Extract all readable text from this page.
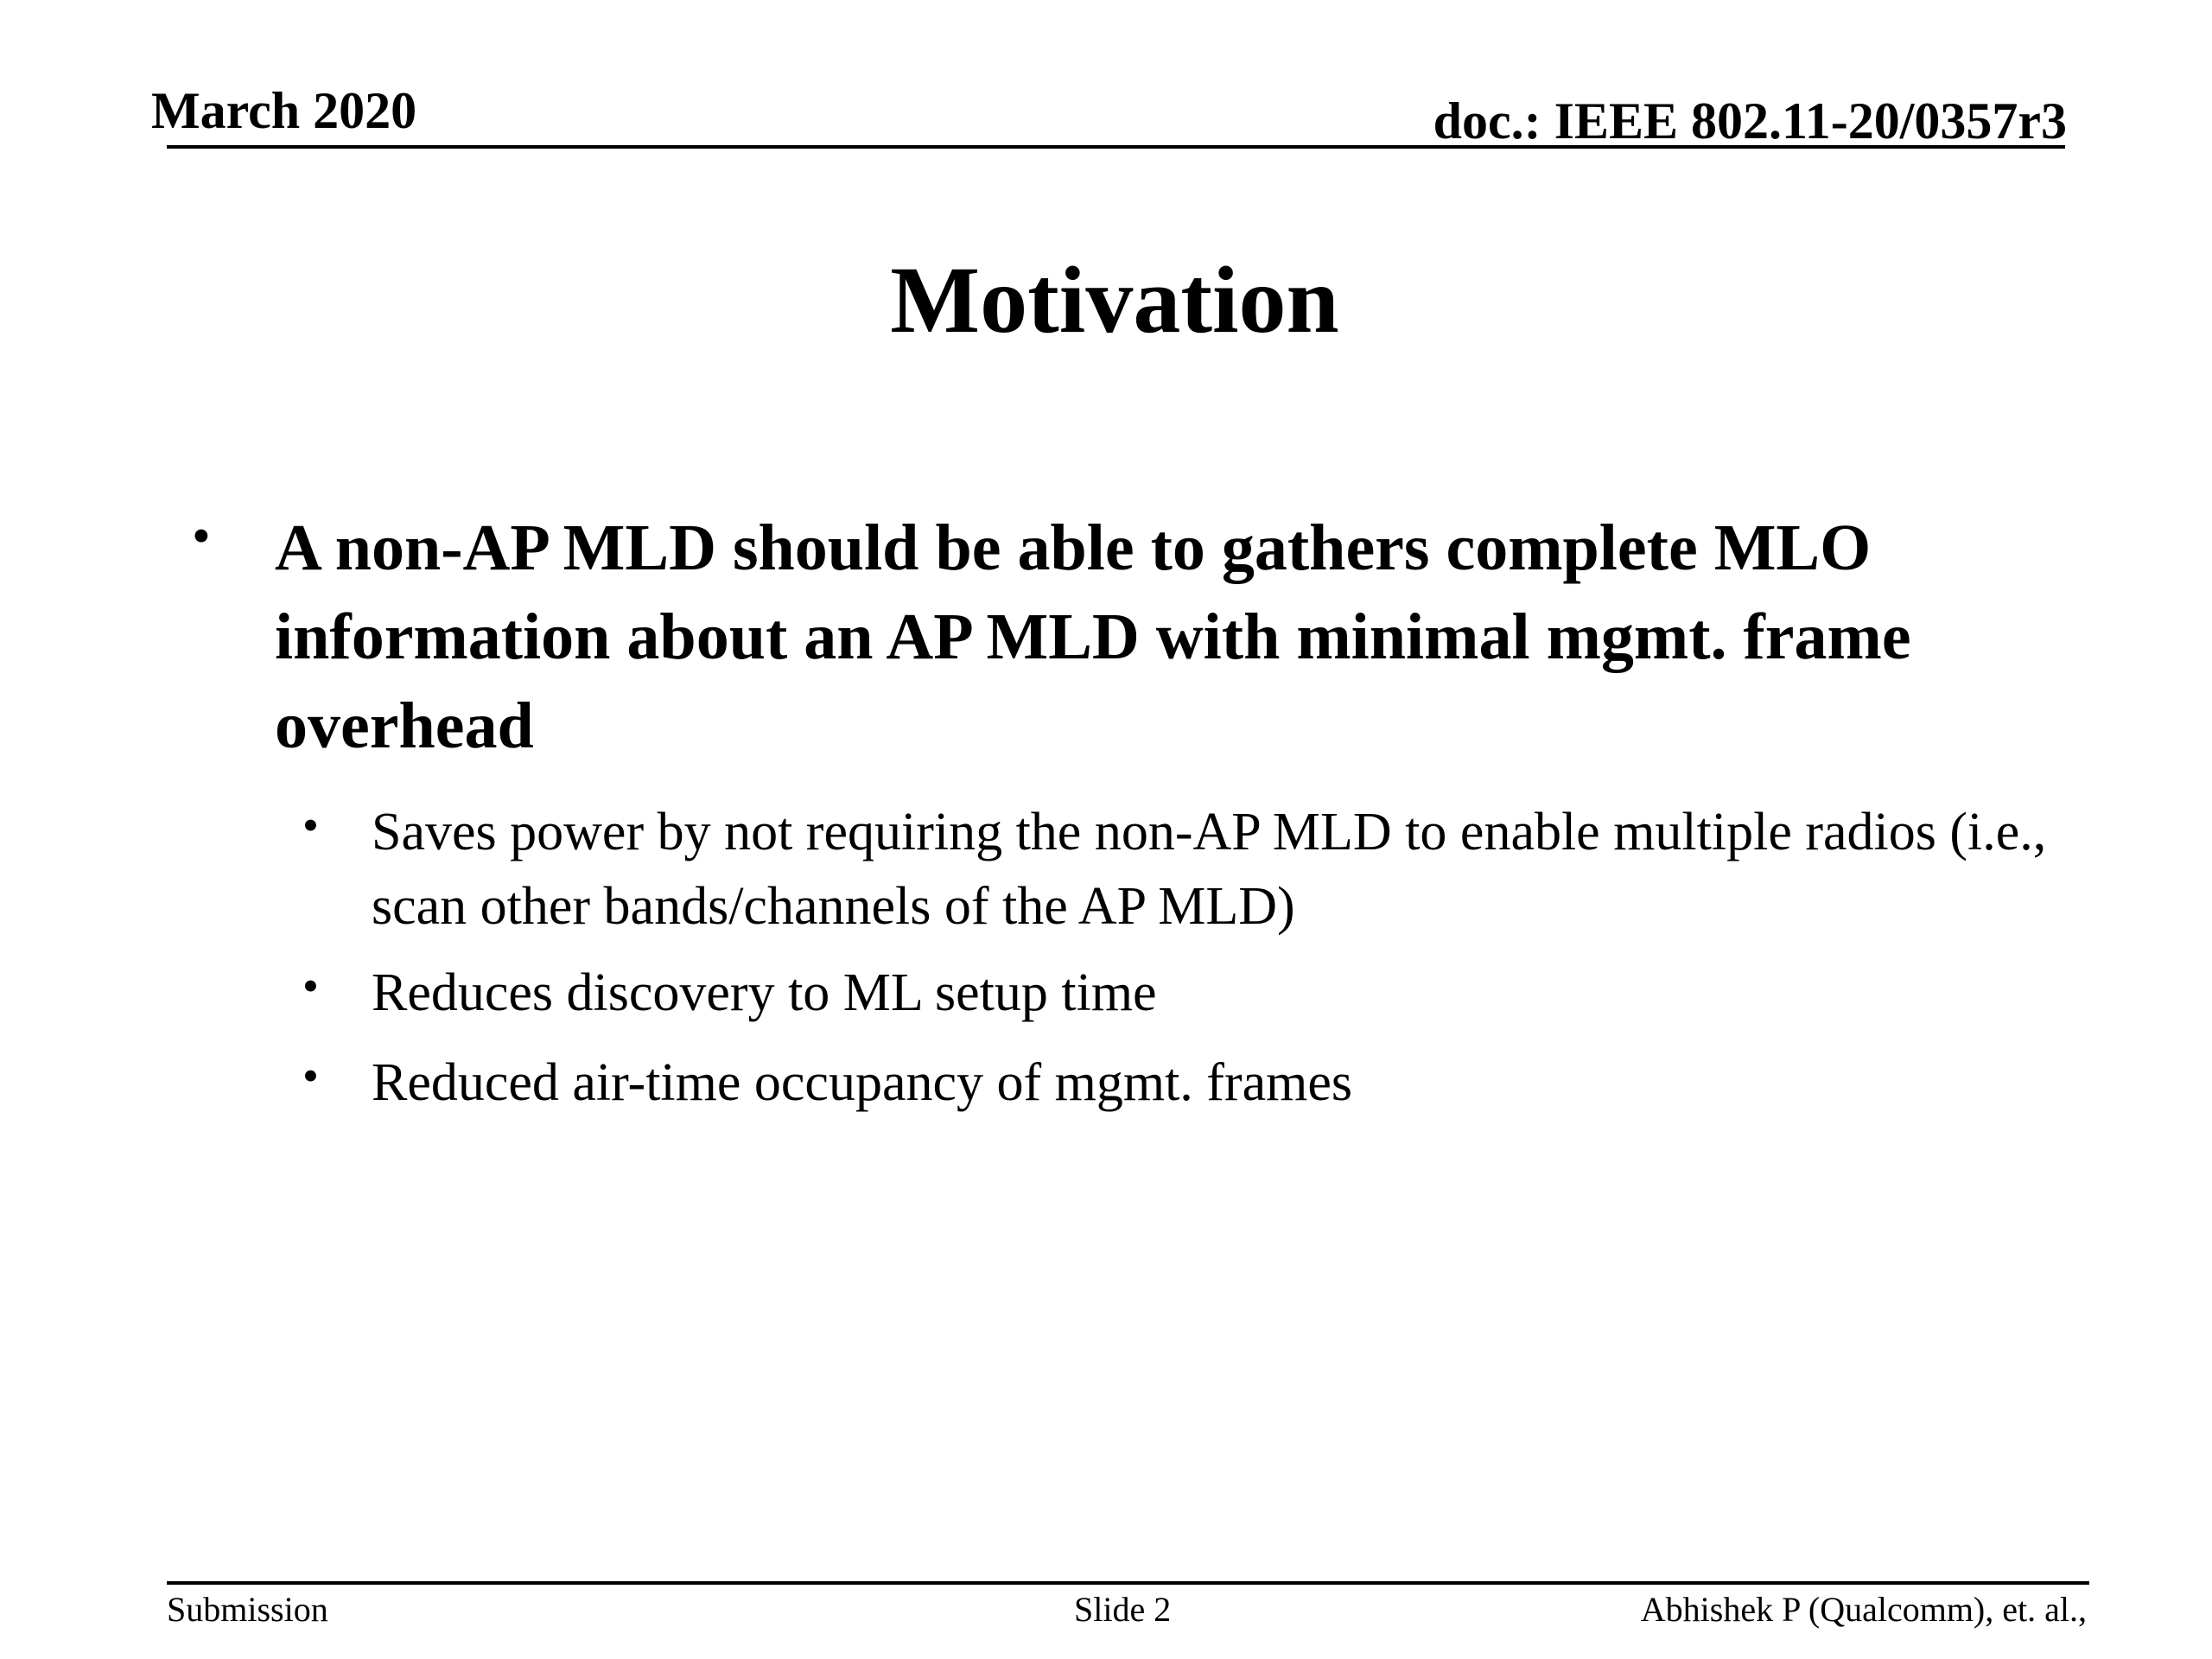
March 2020	doc.: IEEE 802.11-20/0357r3
Motivation
• A non-AP MLD should be able to gathers complete MLO information about an AP MLD with minimal mgmt. frame overhead
• Saves power by not requiring the non-AP MLD to enable multiple radios (i.e., scan other bands/channels of the AP MLD)
• Reduces discovery to ML setup time
• Reduced air-time occupancy of mgmt. frames
Submission	Slide 2	Abhishek P (Qualcomm), et. al.,
